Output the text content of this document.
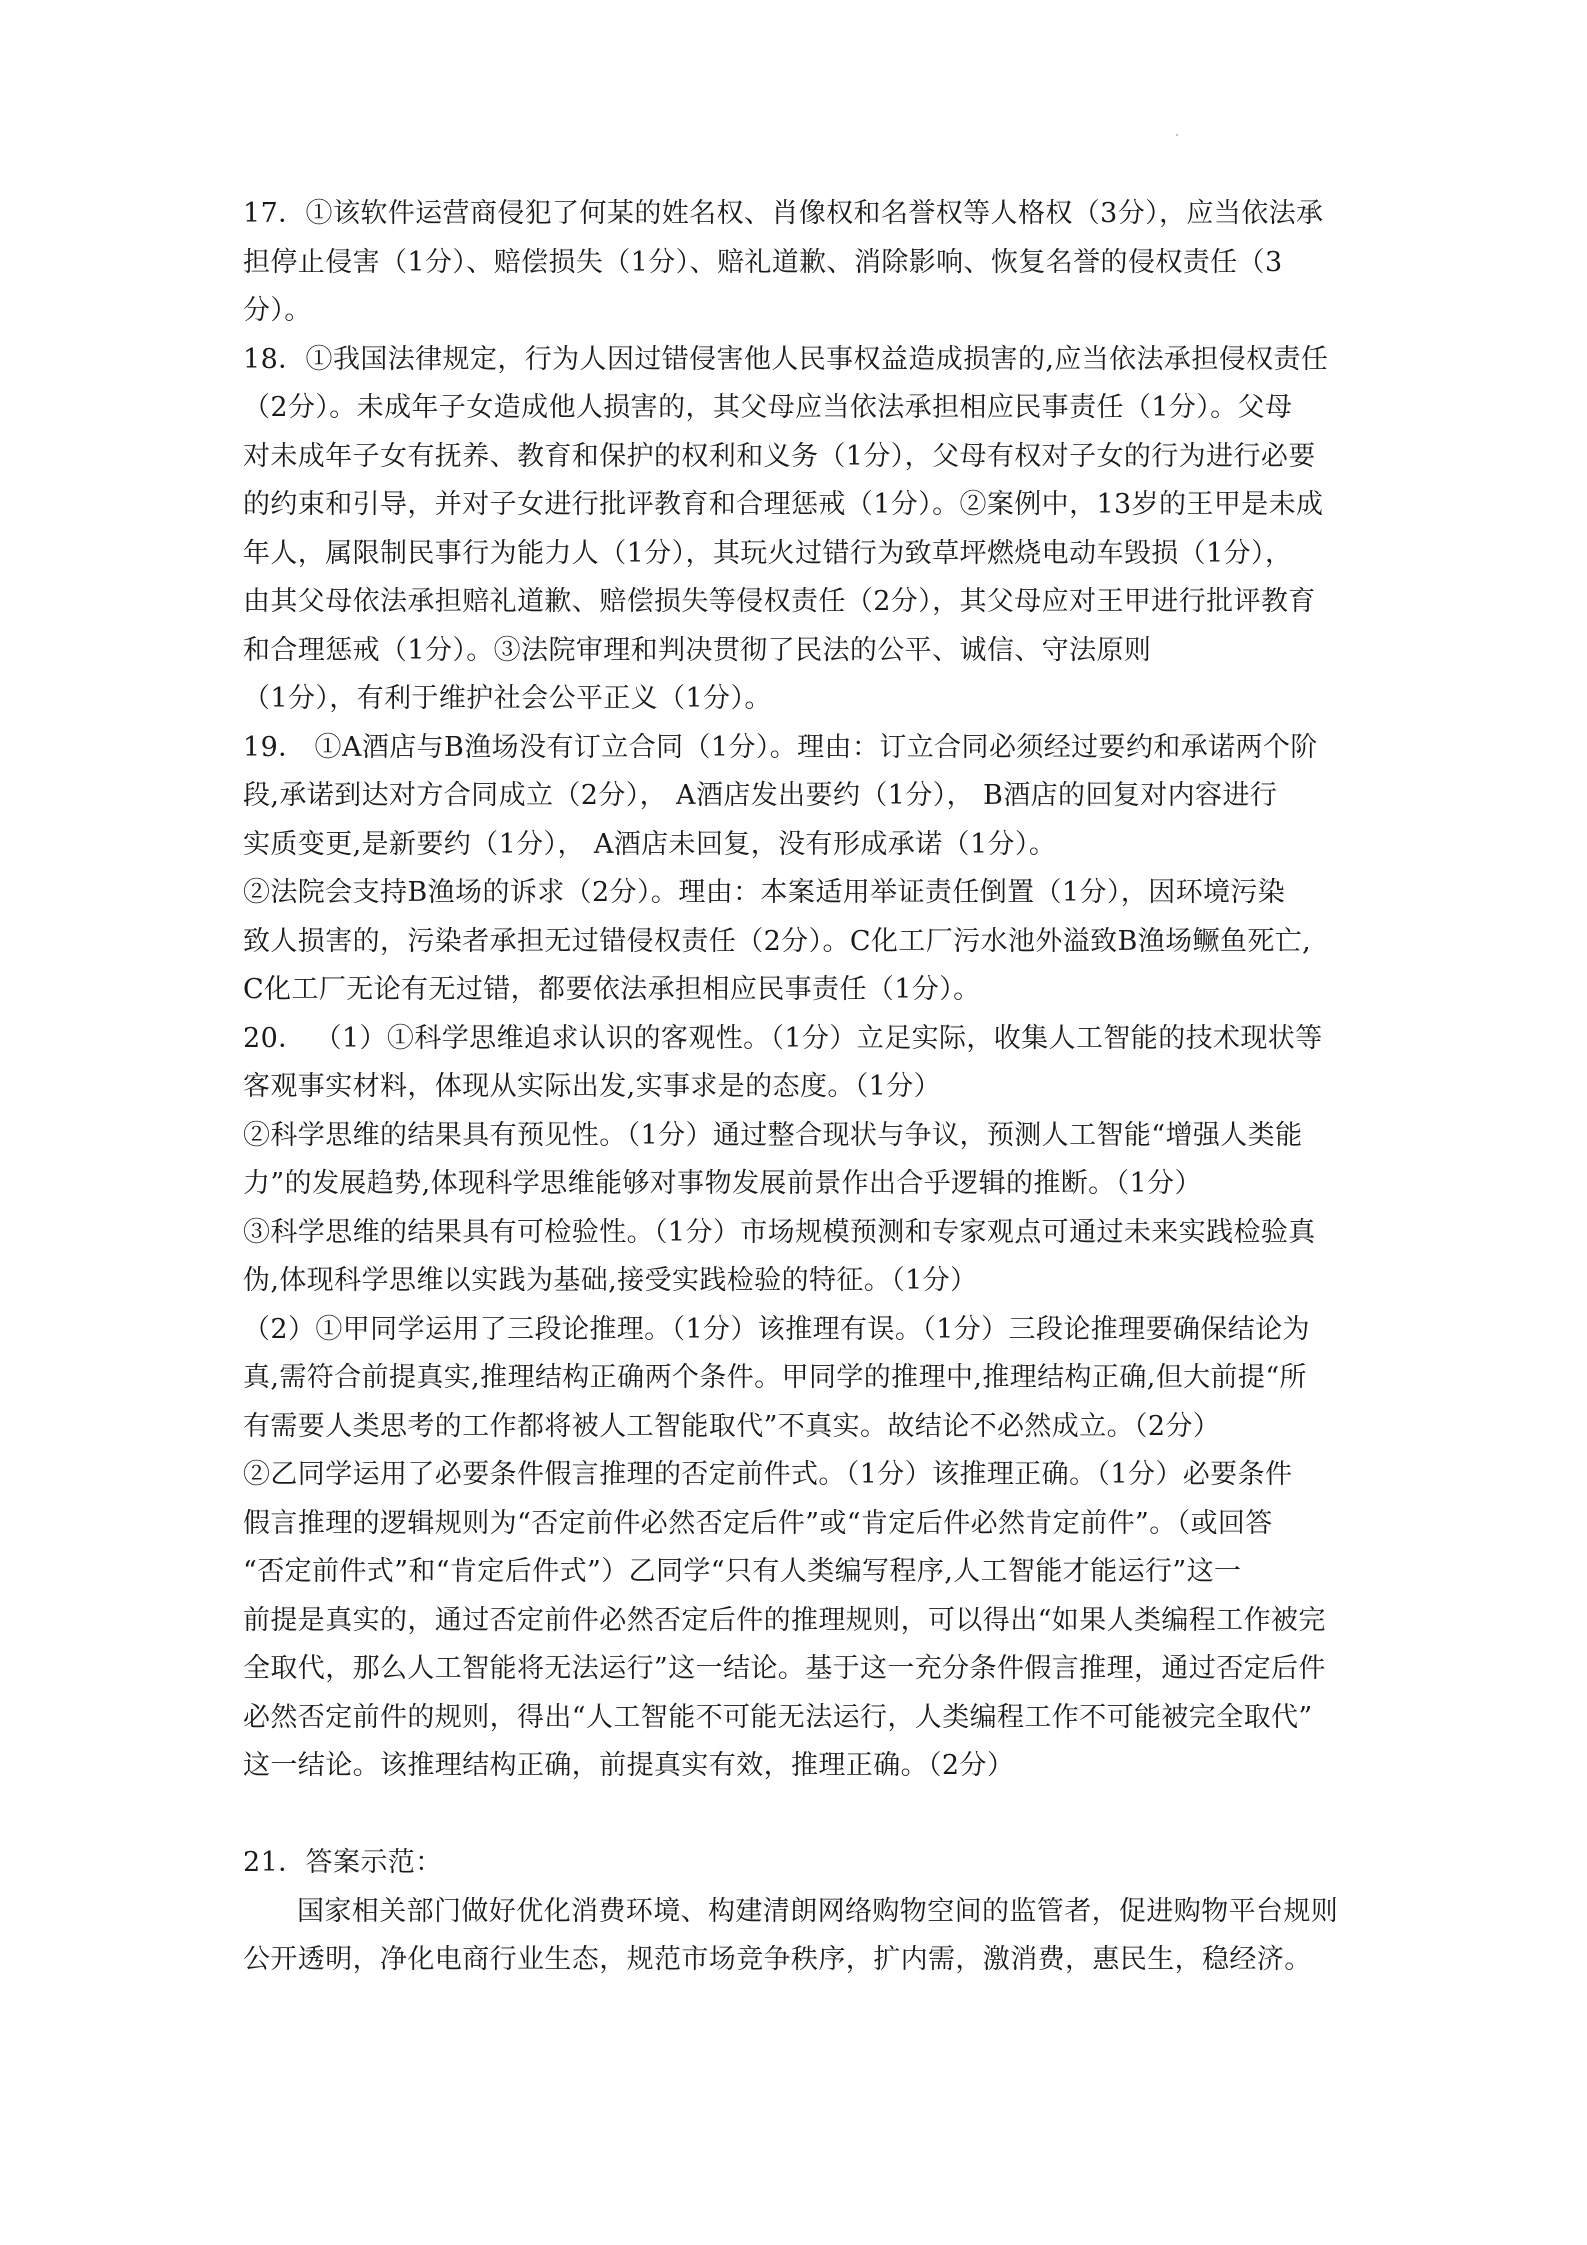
17．①该软件运营商侵犯了何某的姓名权、肖像权和名誉权等人格权（3分），应当依法承
担停止侵害（1分）、赔偿损失（1分）、赔礼道歉、消除影响、恢复名誉的侵权责任（3
分）。
18．①我国法律规定，行为人因过错侵害他人民事权益造成损害的,应当依法承担侵权责任
（2分）。未成年子女造成他人损害的，其父母应当依法承担相应民事责任（1分）。父母
对未成年子女有抚养、教育和保护的权利和义务（1分），父母有权对子女的行为进行必要
的约束和引导，并对子女进行批评教育和合理惩戒（1分）。②案例中，13岁的王甲是未成
年人，属限制民事行为能力人（1分），其玩火过错行为致草坪燃烧电动车毁损（1分），
由其父母依法承担赔礼道歉、赔偿损失等侵权责任（2分），其父母应对王甲进行批评教育
和合理惩戒（1分）。③法院审理和判决贯彻了民法的公平、诚信、守法原则
（1分），有利于维护社会公平正义（1分）。
19． ①A酒店与B渔场没有订立合同（1分）。理由：订立合同必须经过要约和承诺两个阶
段,承诺到达对方合同成立（2分）， A酒店发出要约（1分）， B酒店的回复对内容进行
实质变更,是新要约（1分）， A酒店未回复，没有形成承诺（1分）。
②法院会支持B渔场的诉求（2分）。理由：本案适用举证责任倒置（1分），因环境污染
致人损害的，污染者承担无过错侵权责任（2分）。C化工厂污水池外溢致B渔场鳜鱼死亡,
C化工厂无论有无过错，都要依法承担相应民事责任（1分）。
20． （1）①科学思维追求认识的客观性。（1分）立足实际，收集人工智能的技术现状等
客观事实材料，体现从实际出发,实事求是的态度。（1分）
②科学思维的结果具有预见性。（1分）通过整合现状与争议，预测人工智能“增强人类能
力”的发展趋势,体现科学思维能够对事物发展前景作出合乎逻辑的推断。（1分）
③科学思维的结果具有可检验性。（1分）市场规模预测和专家观点可通过未来实践检验真
伪,体现科学思维以实践为基础,接受实践检验的特征。（1分）
（2）①甲同学运用了三段论推理。（1分）该推理有误。（1分）三段论推理要确保结论为
真,需符合前提真实,推理结构正确两个条件。甲同学的推理中,推理结构正确,但大前提“所
有需要人类思考的工作都将被人工智能取代”不真实。故结论不必然成立。（2分）
②乙同学运用了必要条件假言推理的否定前件式。（1分）该推理正确。（1分）必要条件
假言推理的逻辑规则为“否定前件必然否定后件”或“肯定后件必然肯定前件”。（或回答
“否定前件式”和“肯定后件式”）乙同学“只有人类编写程序,人工智能才能运行”这一
前提是真实的，通过否定前件必然否定后件的推理规则，可以得出“如果人类编程工作被完
全取代，那么人工智能将无法运行”这一结论。基于这一充分条件假言推理，通过否定后件
必然否定前件的规则，得出“人工智能不可能无法运行，人类编程工作不可能被完全取代”
这一结论。该推理结构正确，前提真实有效，推理正确。（2分）
21．答案示范：
国家相关部门做好优化消费环境、构建清朗网络购物空间的监管者，促进购物平台规则
公开透明，净化电商行业生态，规范市场竞争秩序，扩内需，激消费，惠民生，稳经济。
